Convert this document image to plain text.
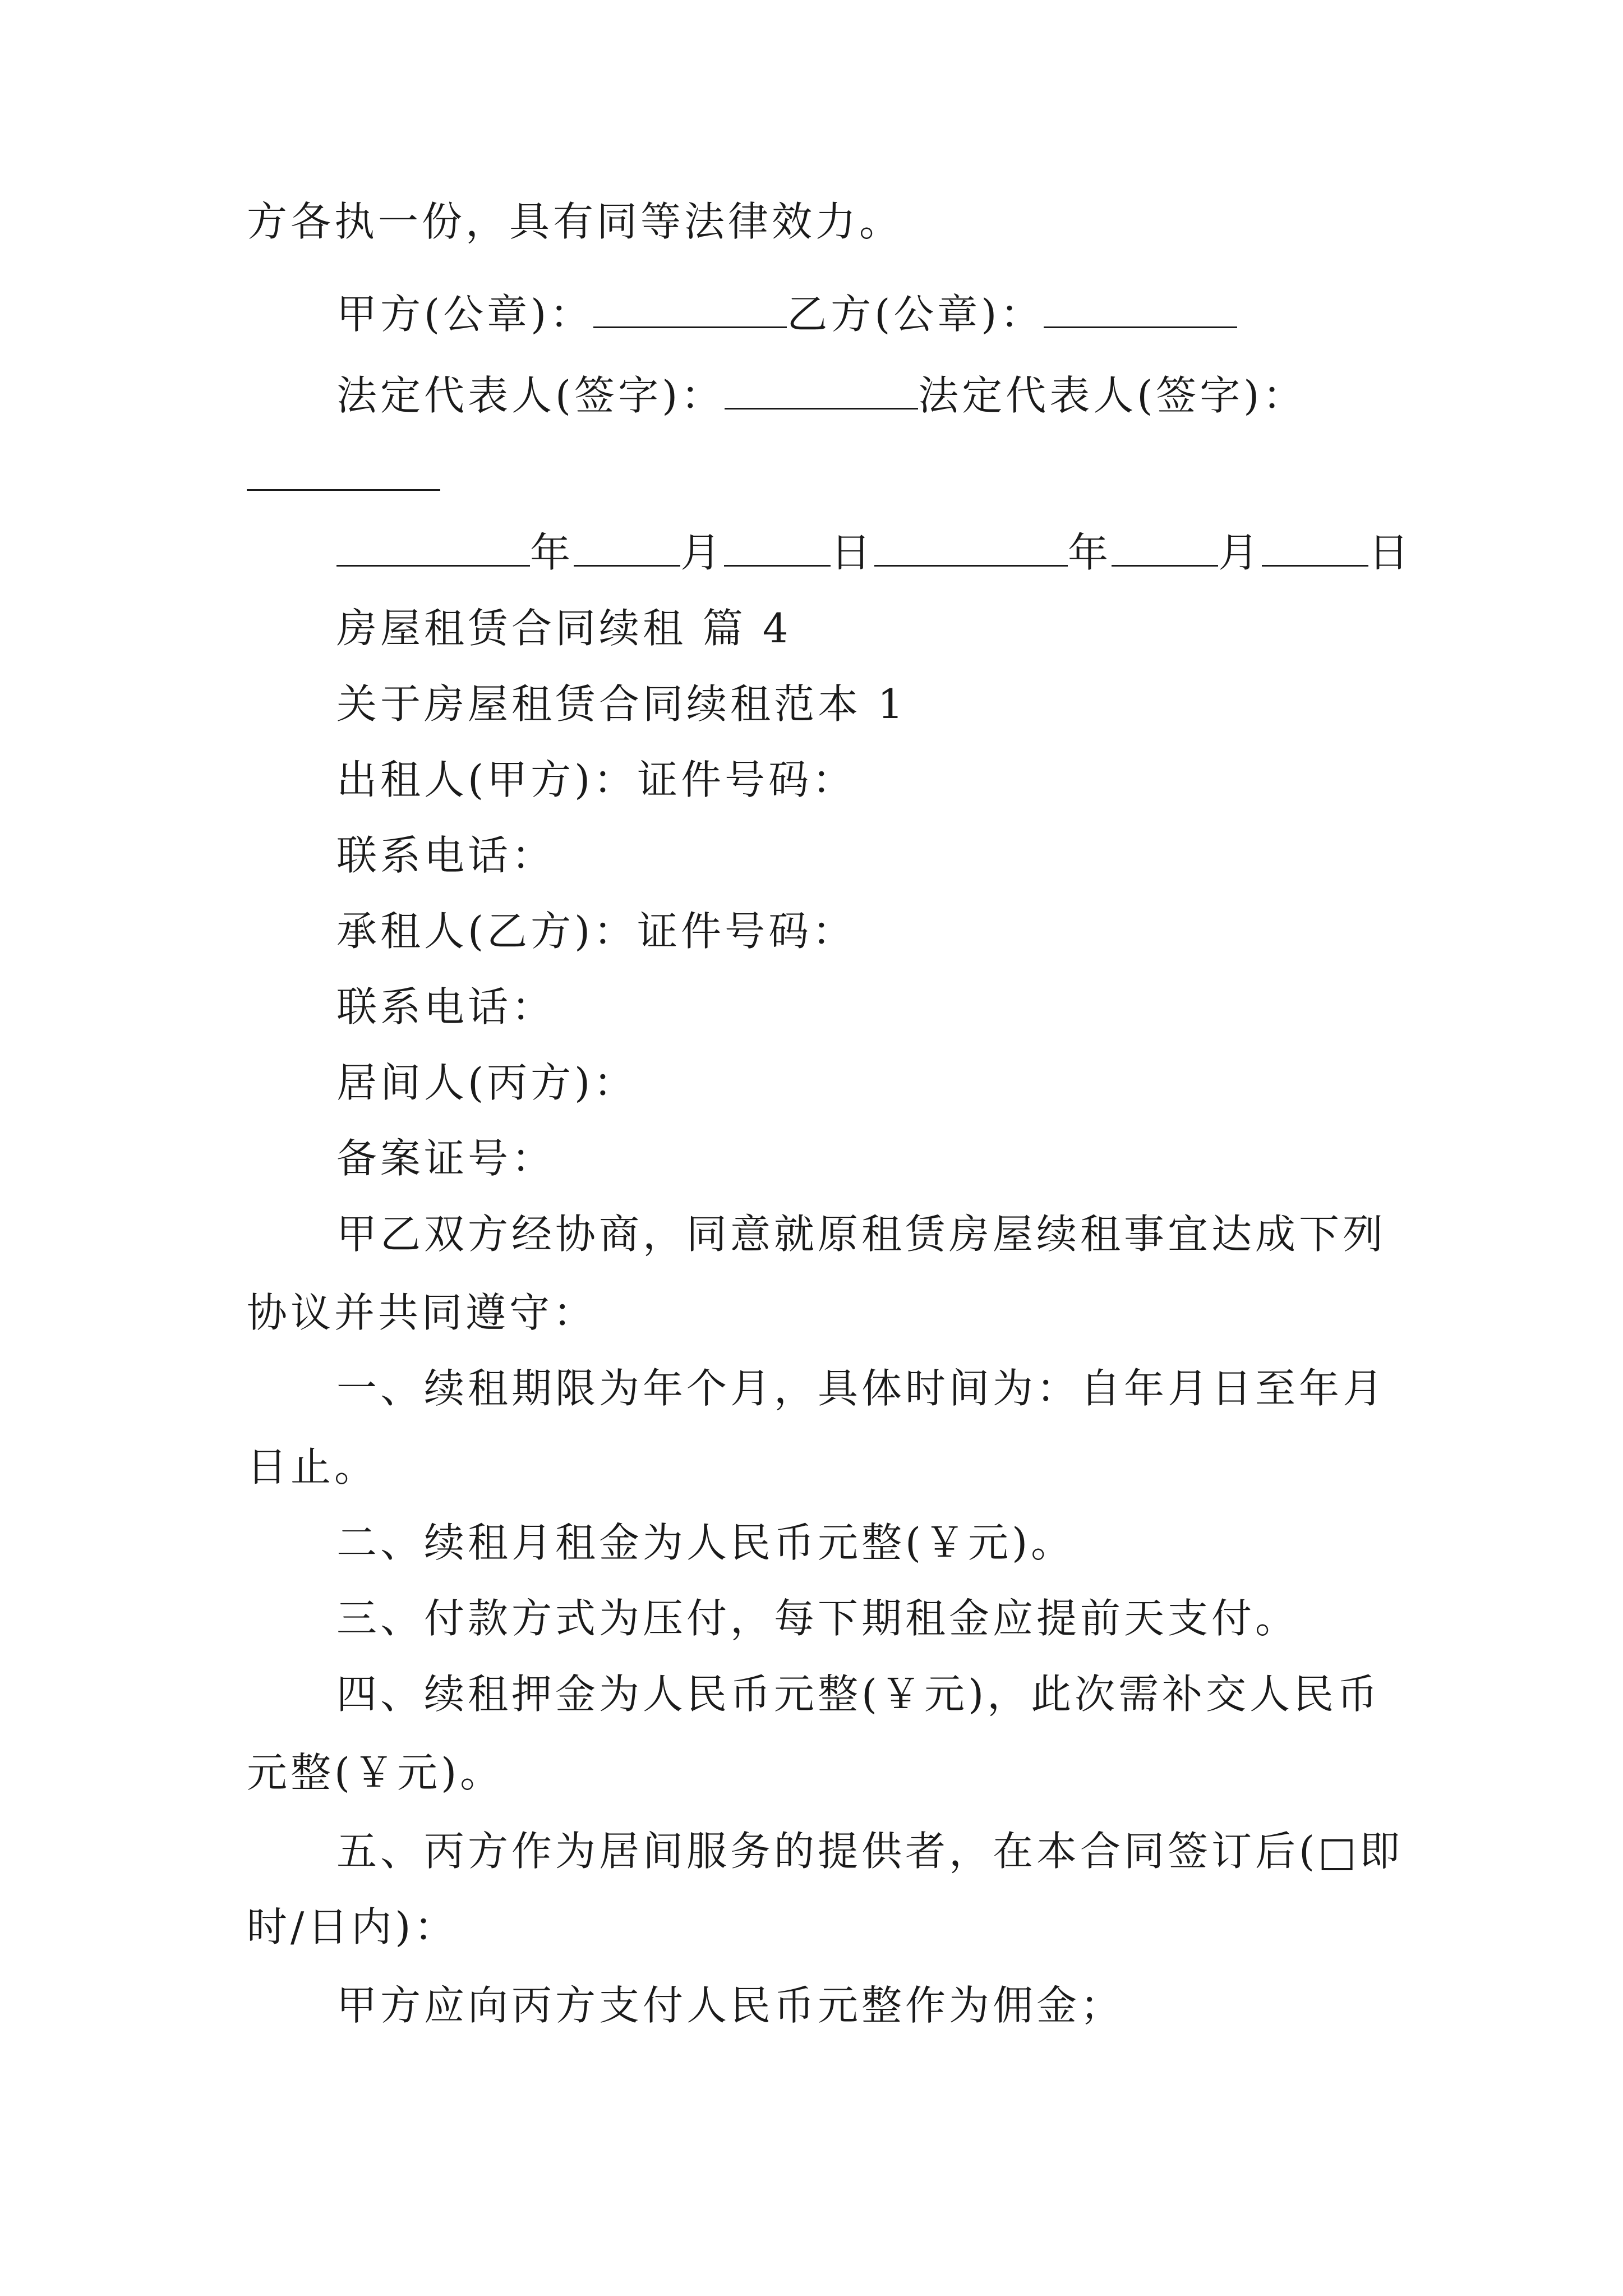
方各执一份，具有同等法律效力。
甲方(公章)：	乙方(公章)：
法定代表人(签字)：	法定代表人(签字)：
年	月	日	年	月	日
房屋租赁合同续租 篇 4
关于房屋租赁合同续租范本 1
出租人(甲方)：证件号码：
联系电话：
承租人(乙方)：证件号码：
联系电话：
居间人(丙方)：
备案证号：
甲乙双方经协商，同意就原租赁房屋续租事宜达成下列
协议并共同遵守：
一、续租期限为年个月，具体时间为：自年月日至年月
日止。
二、续租月租金为人民币元整(￥元)。
三、付款方式为压付，每下期租金应提前天支付。
四、续租押金为人民币元整(￥元)，此次需补交人民币
元整(￥元)。
五、丙方作为居间服务的提供者，在本合同签订后(□即
时/日内)：
甲方应向丙方支付人民币元整作为佣金；
